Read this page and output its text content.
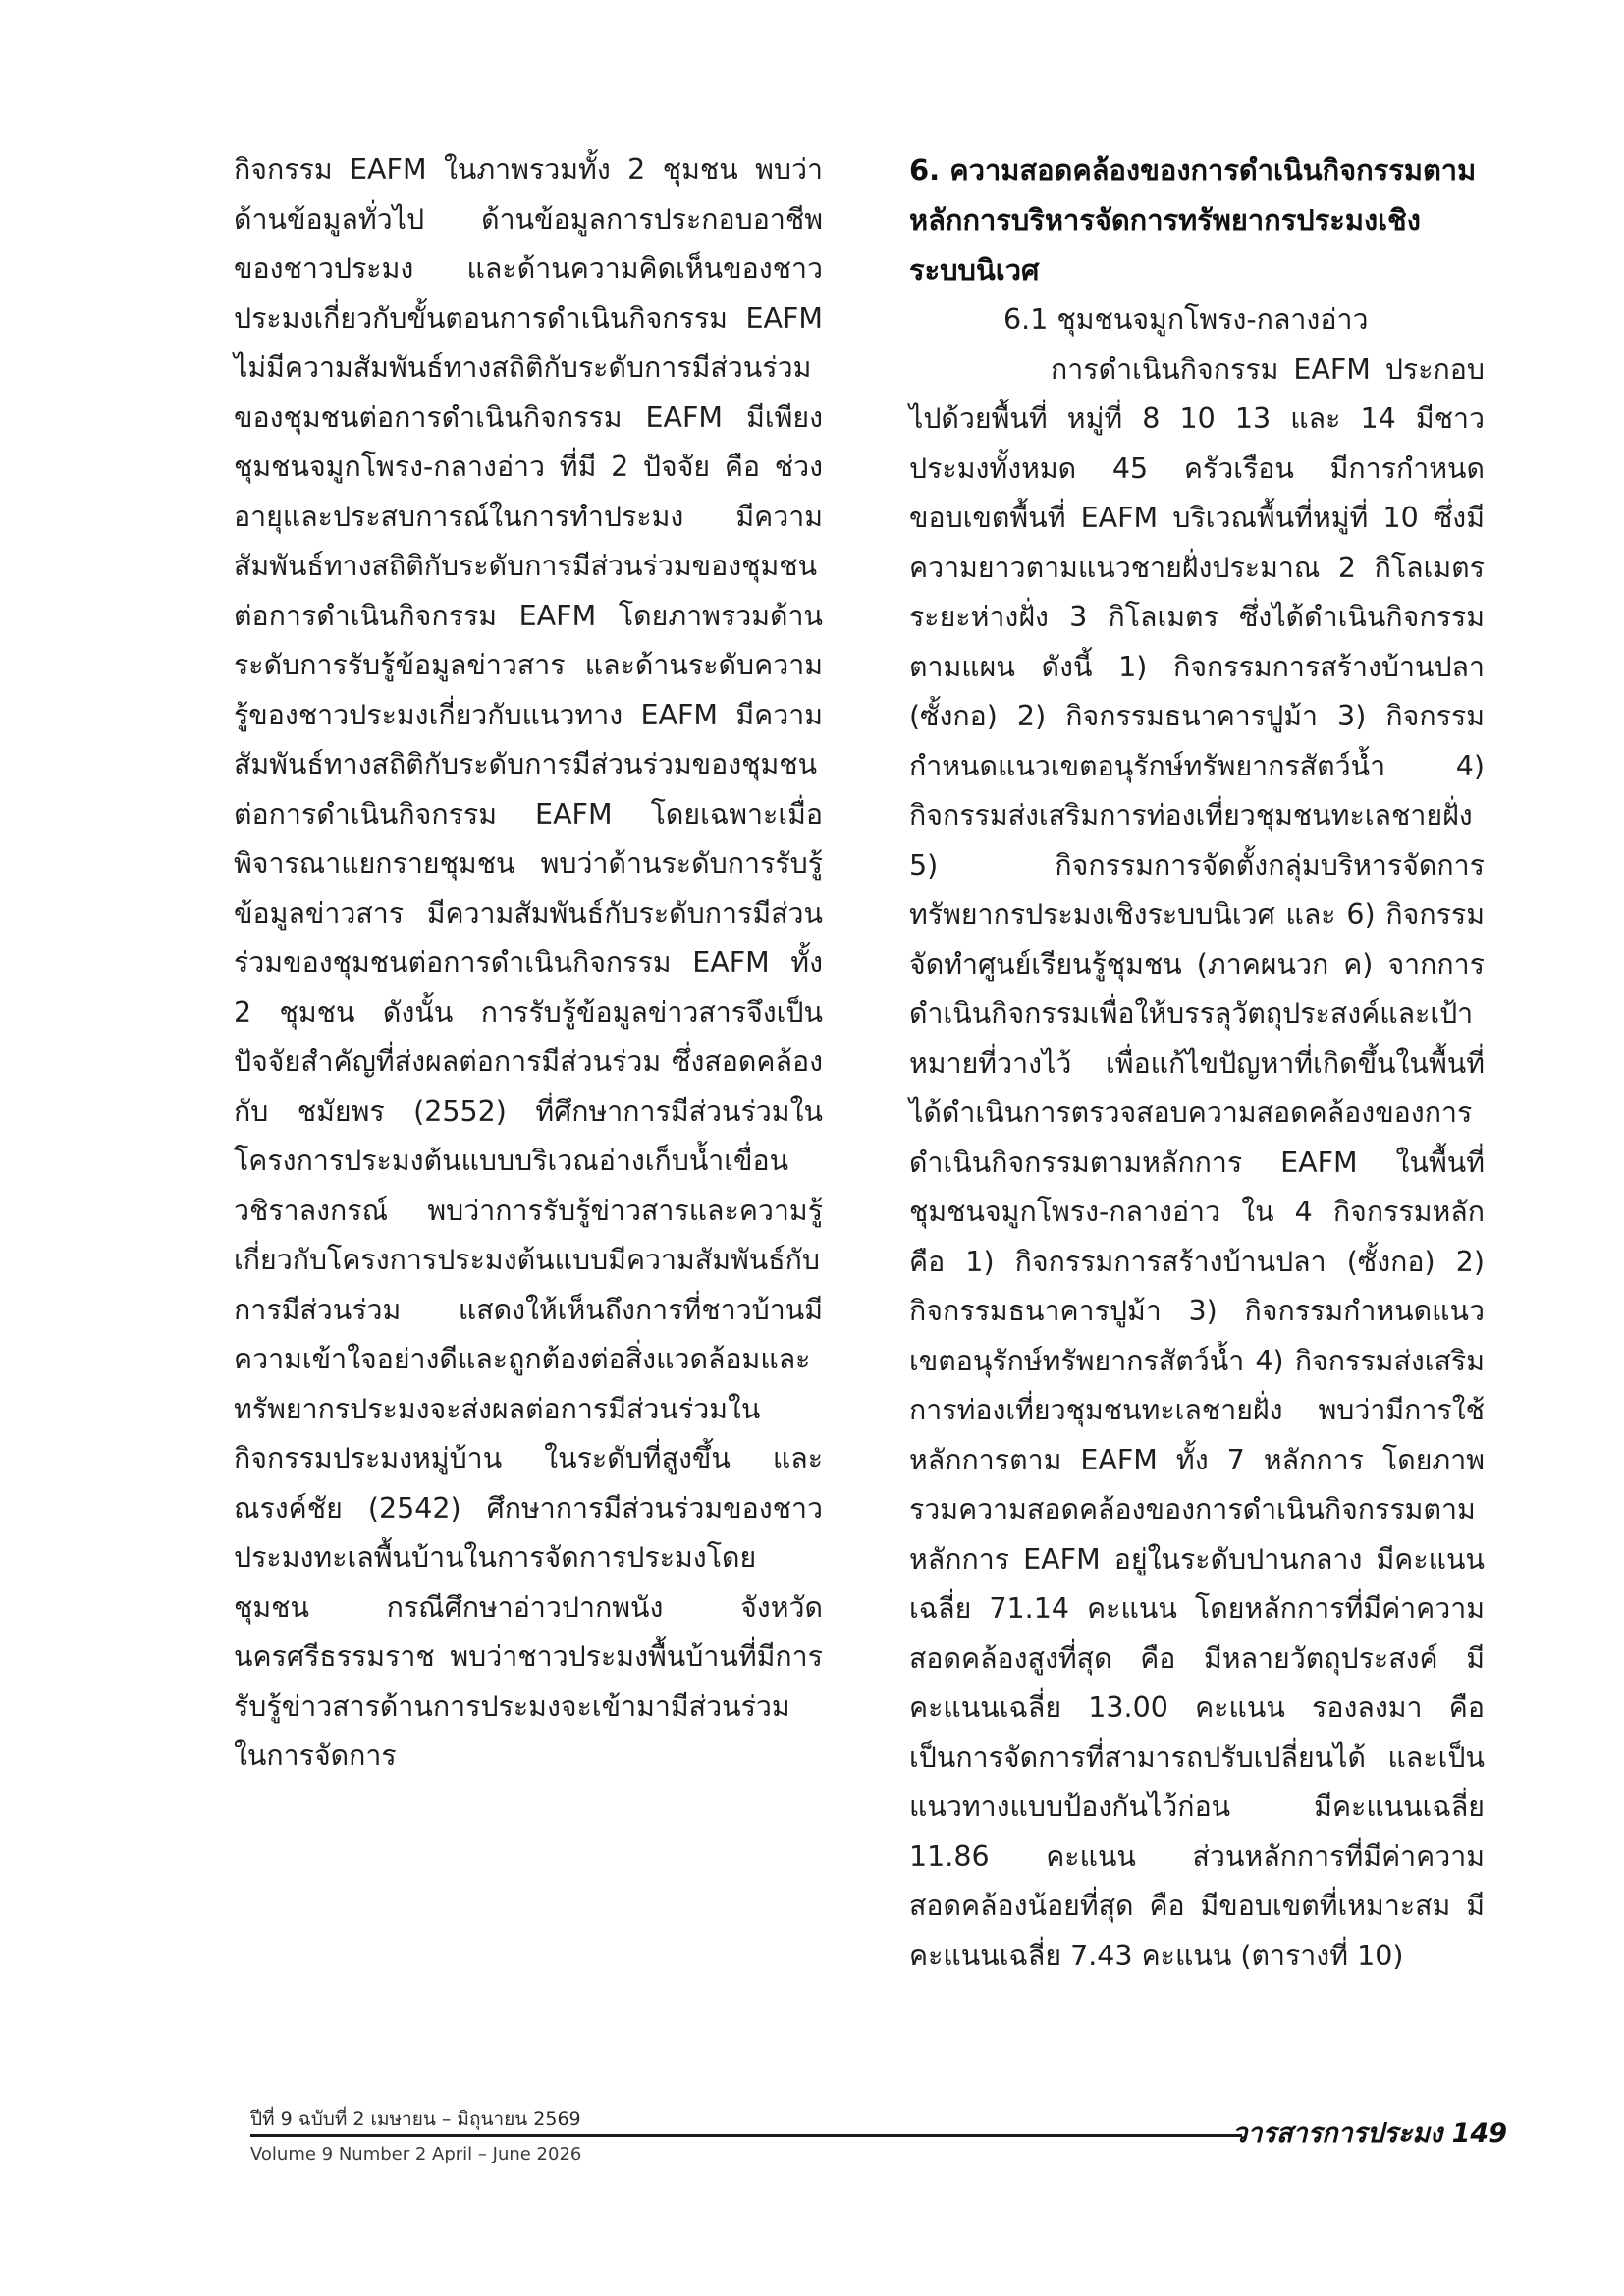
กิจกรรม EAFM ในภาพรวมทั้ง 2 ชุมชน พบว่า ด้านข้อมูลทั่วไป ด้านข้อมูลการประกอบอาชีพของชาวประมง และด้านความคิดเห็นของชาวประมงเกี่ยวกับขั้นตอนการดำเนินกิจกรรม EAFM ไม่มีความสัมพันธ์ทางสถิติกับระดับการมีส่วนร่วมของชุมชนต่อการดำเนินกิจกรรม EAFM มีเพียงชุมชนจมูกโพรง-กลางอ่าว ที่มี 2 ปัจจัย คือ ช่วงอายุและประสบการณ์ในการทำประมง มีความสัมพันธ์ทางสถิติกับระดับการมีส่วนร่วมของชุมชนต่อการดำเนินกิจกรรม EAFM โดยภาพรวมด้านระดับการรับรู้ข้อมูลข่าวสาร และด้านระดับความรู้ของชาวประมงเกี่ยวกับแนวทาง EAFM มีความสัมพันธ์ทางสถิติกับระดับการมีส่วนร่วมของชุมชนต่อการดำเนินกิจกรรม EAFM โดยเฉพาะเมื่อพิจารณาแยกรายชุมชน พบว่าด้านระดับการรับรู้ข้อมูลข่าวสาร มีความสัมพันธ์กับระดับการมีส่วนร่วมของชุมชนต่อการดำเนินกิจกรรม EAFM ทั้ง 2 ชุมชน ดังนั้น การรับรู้ข้อมูลข่าวสารจึงเป็นปัจจัยสำคัญที่ส่งผลต่อการมีส่วนร่วม ซึ่งสอดคล้องกับ ชมัยพร (2552) ที่ศึกษาการมีส่วนร่วมในโครงการประมงต้นแบบบริเวณอ่างเก็บน้ำเขื่อนวชิราลงกรณ์ พบว่าการรับรู้ข่าวสารและความรู้เกี่ยวกับโครงการประมงต้นแบบมีความสัมพันธ์กับการมีส่วนร่วม แสดงให้เห็นถึงการที่ชาวบ้านมีความเข้าใจอย่างดีและถูกต้องต่อสิ่งแวดล้อมและทรัพยากรประมงจะส่งผลต่อการมีส่วนร่วมในกิจกรรมประมงหมู่บ้าน ในระดับที่สูงขึ้น และ ณรงค์ชัย (2542) ศึกษาการมีส่วนร่วมของชาวประมงทะเลพื้นบ้านในการจัดการประมงโดยชุมชน กรณีศึกษาอ่าวปากพนัง จังหวัดนครศรีธรรมราช พบว่าชาวประมงพื้นบ้านที่มีการรับรู้ข่าวสารด้านการประมงจะเข้ามามีส่วนร่วมในการจัดการ

6. ความสอดคล้องของการดำเนินกิจกรรมตามหลักการบริหารจัดการทรัพยากรประมงเชิงระบบนิเวศ

6.1 ชุมชนจมูกโพรง-กลางอ่าว

การดำเนินกิจกรรม EAFM ประกอบไปด้วยพื้นที่ หมู่ที่ 8 10 13 และ 14 มีชาวประมงทั้งหมด 45 ครัวเรือน มีการกำหนดขอบเขตพื้นที่ EAFM บริเวณพื้นที่หมู่ที่ 10 ซึ่งมีความยาวตามแนวชายฝั่งประมาณ 2 กิโลเมตร ระยะห่างฝั่ง 3 กิโลเมตร ซึ่งได้ดำเนินกิจกรรมตามแผน ดังนี้ 1) กิจกรรมการสร้างบ้านปลา (ซั้งกอ) 2) กิจกรรมธนาคารปูม้า 3) กิจกรรมกำหนดแนวเขตอนุรักษ์ทรัพยากรสัตว์น้ำ 4) กิจกรรมส่งเสริมการท่องเที่ยวชุมชนทะเลชายฝั่ง 5) กิจกรรมการจัดตั้งกลุ่มบริหารจัดการทรัพยากรประมงเชิงระบบนิเวศ และ 6) กิจกรรมจัดทำศูนย์เรียนรู้ชุมชน (ภาคผนวก ค) จากการดำเนินกิจกรรมเพื่อให้บรรลุวัตถุประสงค์และเป้าหมายที่วางไว้ เพื่อแก้ไขปัญหาที่เกิดขึ้นในพื้นที่ ได้ดำเนินการตรวจสอบความสอดคล้องของการดำเนินกิจกรรมตามหลักการ EAFM ในพื้นที่ชุมชนจมูกโพรง-กลางอ่าว ใน 4 กิจกรรมหลัก คือ 1) กิจกรรมการสร้างบ้านปลา (ซั้งกอ) 2) กิจกรรมธนาคารปูม้า 3) กิจกรรมกำหนดแนวเขตอนุรักษ์ทรัพยากรสัตว์น้ำ 4) กิจกรรมส่งเสริมการท่องเที่ยวชุมชนทะเลชายฝั่ง พบว่ามีการใช้หลักการตาม EAFM ทั้ง 7 หลักการ โดยภาพรวมความสอดคล้องของการดำเนินกิจกรรมตามหลักการ EAFM อยู่ในระดับปานกลาง มีคะแนนเฉลี่ย 71.14 คะแนน โดยหลักการที่มีค่าความสอดคล้องสูงที่สุด คือ มีหลายวัตถุประสงค์ มีคะแนนเฉลี่ย 13.00 คะแนน รองลงมา คือ เป็นการจัดการที่สามารถปรับเปลี่ยนได้ และเป็นแนวทางแบบป้องกันไว้ก่อน มีคะแนนเฉลี่ย 11.86 คะแนน ส่วนหลักการที่มีค่าความสอดคล้องน้อยที่สุด คือ มีขอบเขตที่เหมาะสม มีคะแนนเฉลี่ย 7.43 คะแนน (ตารางที่ 10)

ปีที่ 9 ฉบับที่ 2 เมษายน – มิถุนายน 2569	วารสารการประมง 149
Volume 9 Number 2 April – June 2026
